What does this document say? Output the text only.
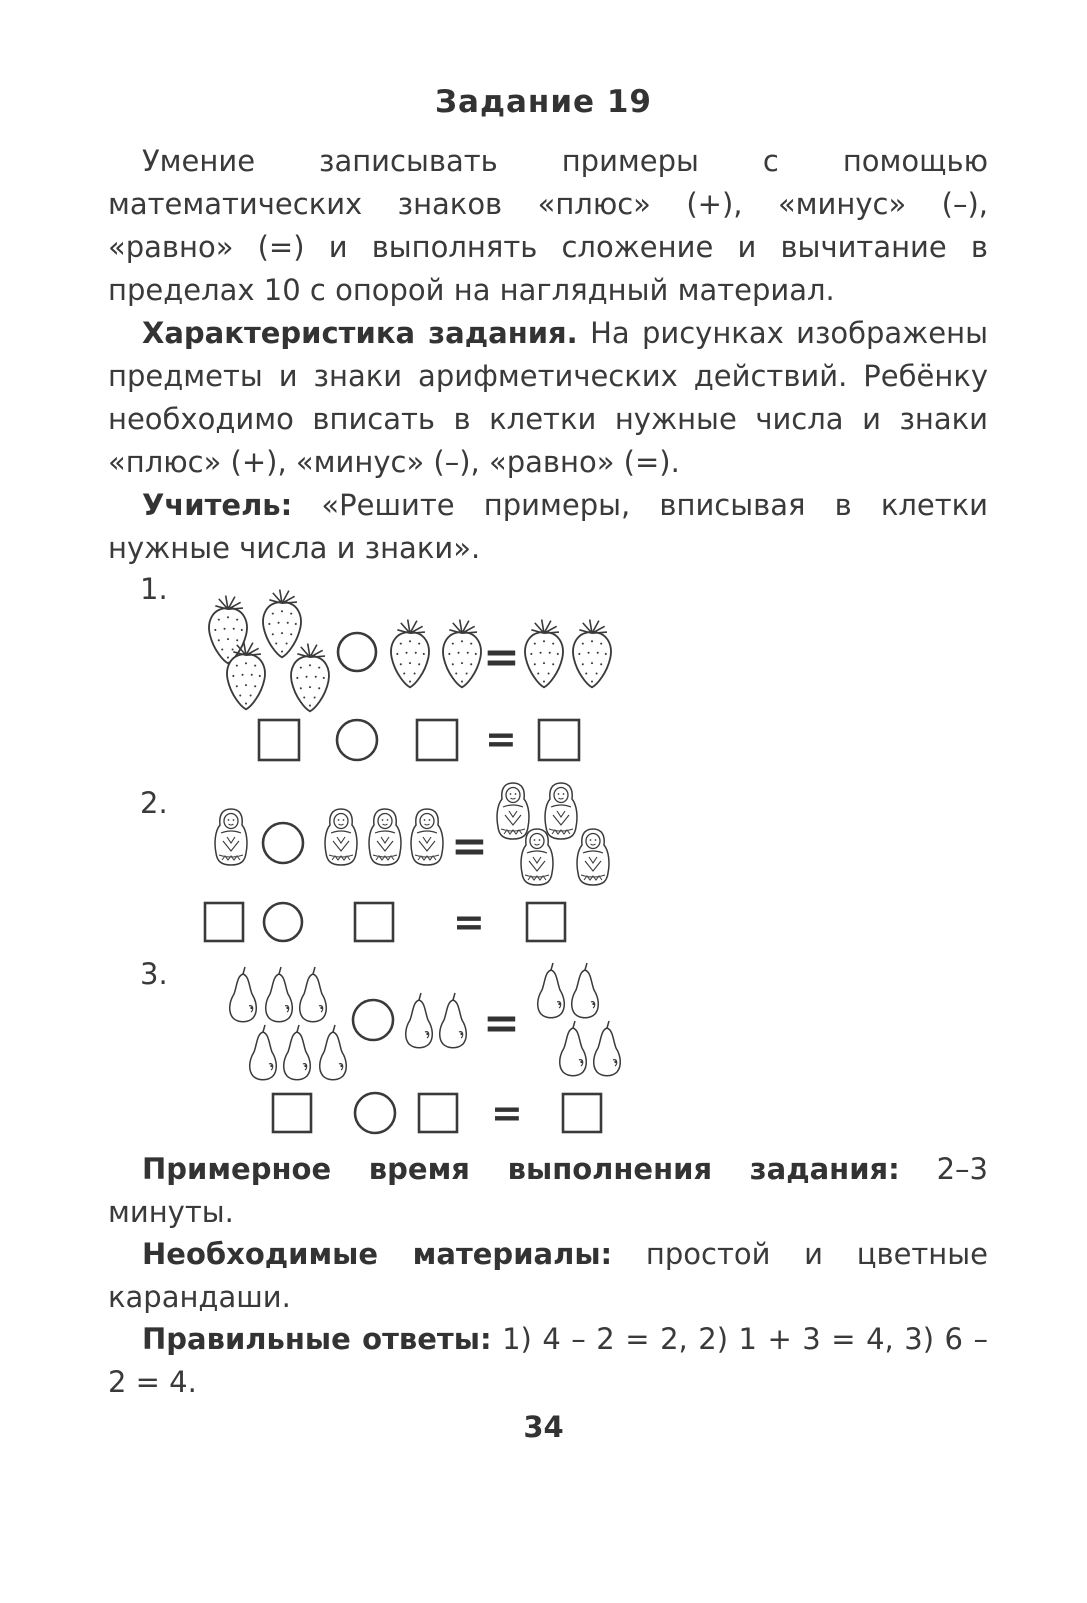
Задание 19
Умение записывать примеры с помощью математических знаков «плюс» (+), «минус» (–), «равно» (=) и выполнять сложение и вычитание в пределах 10 с опорой на наглядный материал.
Характеристика задания. На рисунках изображены предметы и знаки арифметических действий. Ребёнку необходимо вписать в клетки нужные числа и знаки «плюс» (+), «минус» (–), «равно» (=).
Учитель: «Решите примеры, вписывая в клетки нужные числа и знаки».
1.
=
=
2.
=
=
3.
=
=
Примерное время выполнения задания: 2–3 минуты.
Необходимые материалы: простой и цветные карандаши.
Правильные ответы: 1) 4 – 2 = 2, 2) 1 + 3 = 4, 3) 6 – 2 = 4.
34
